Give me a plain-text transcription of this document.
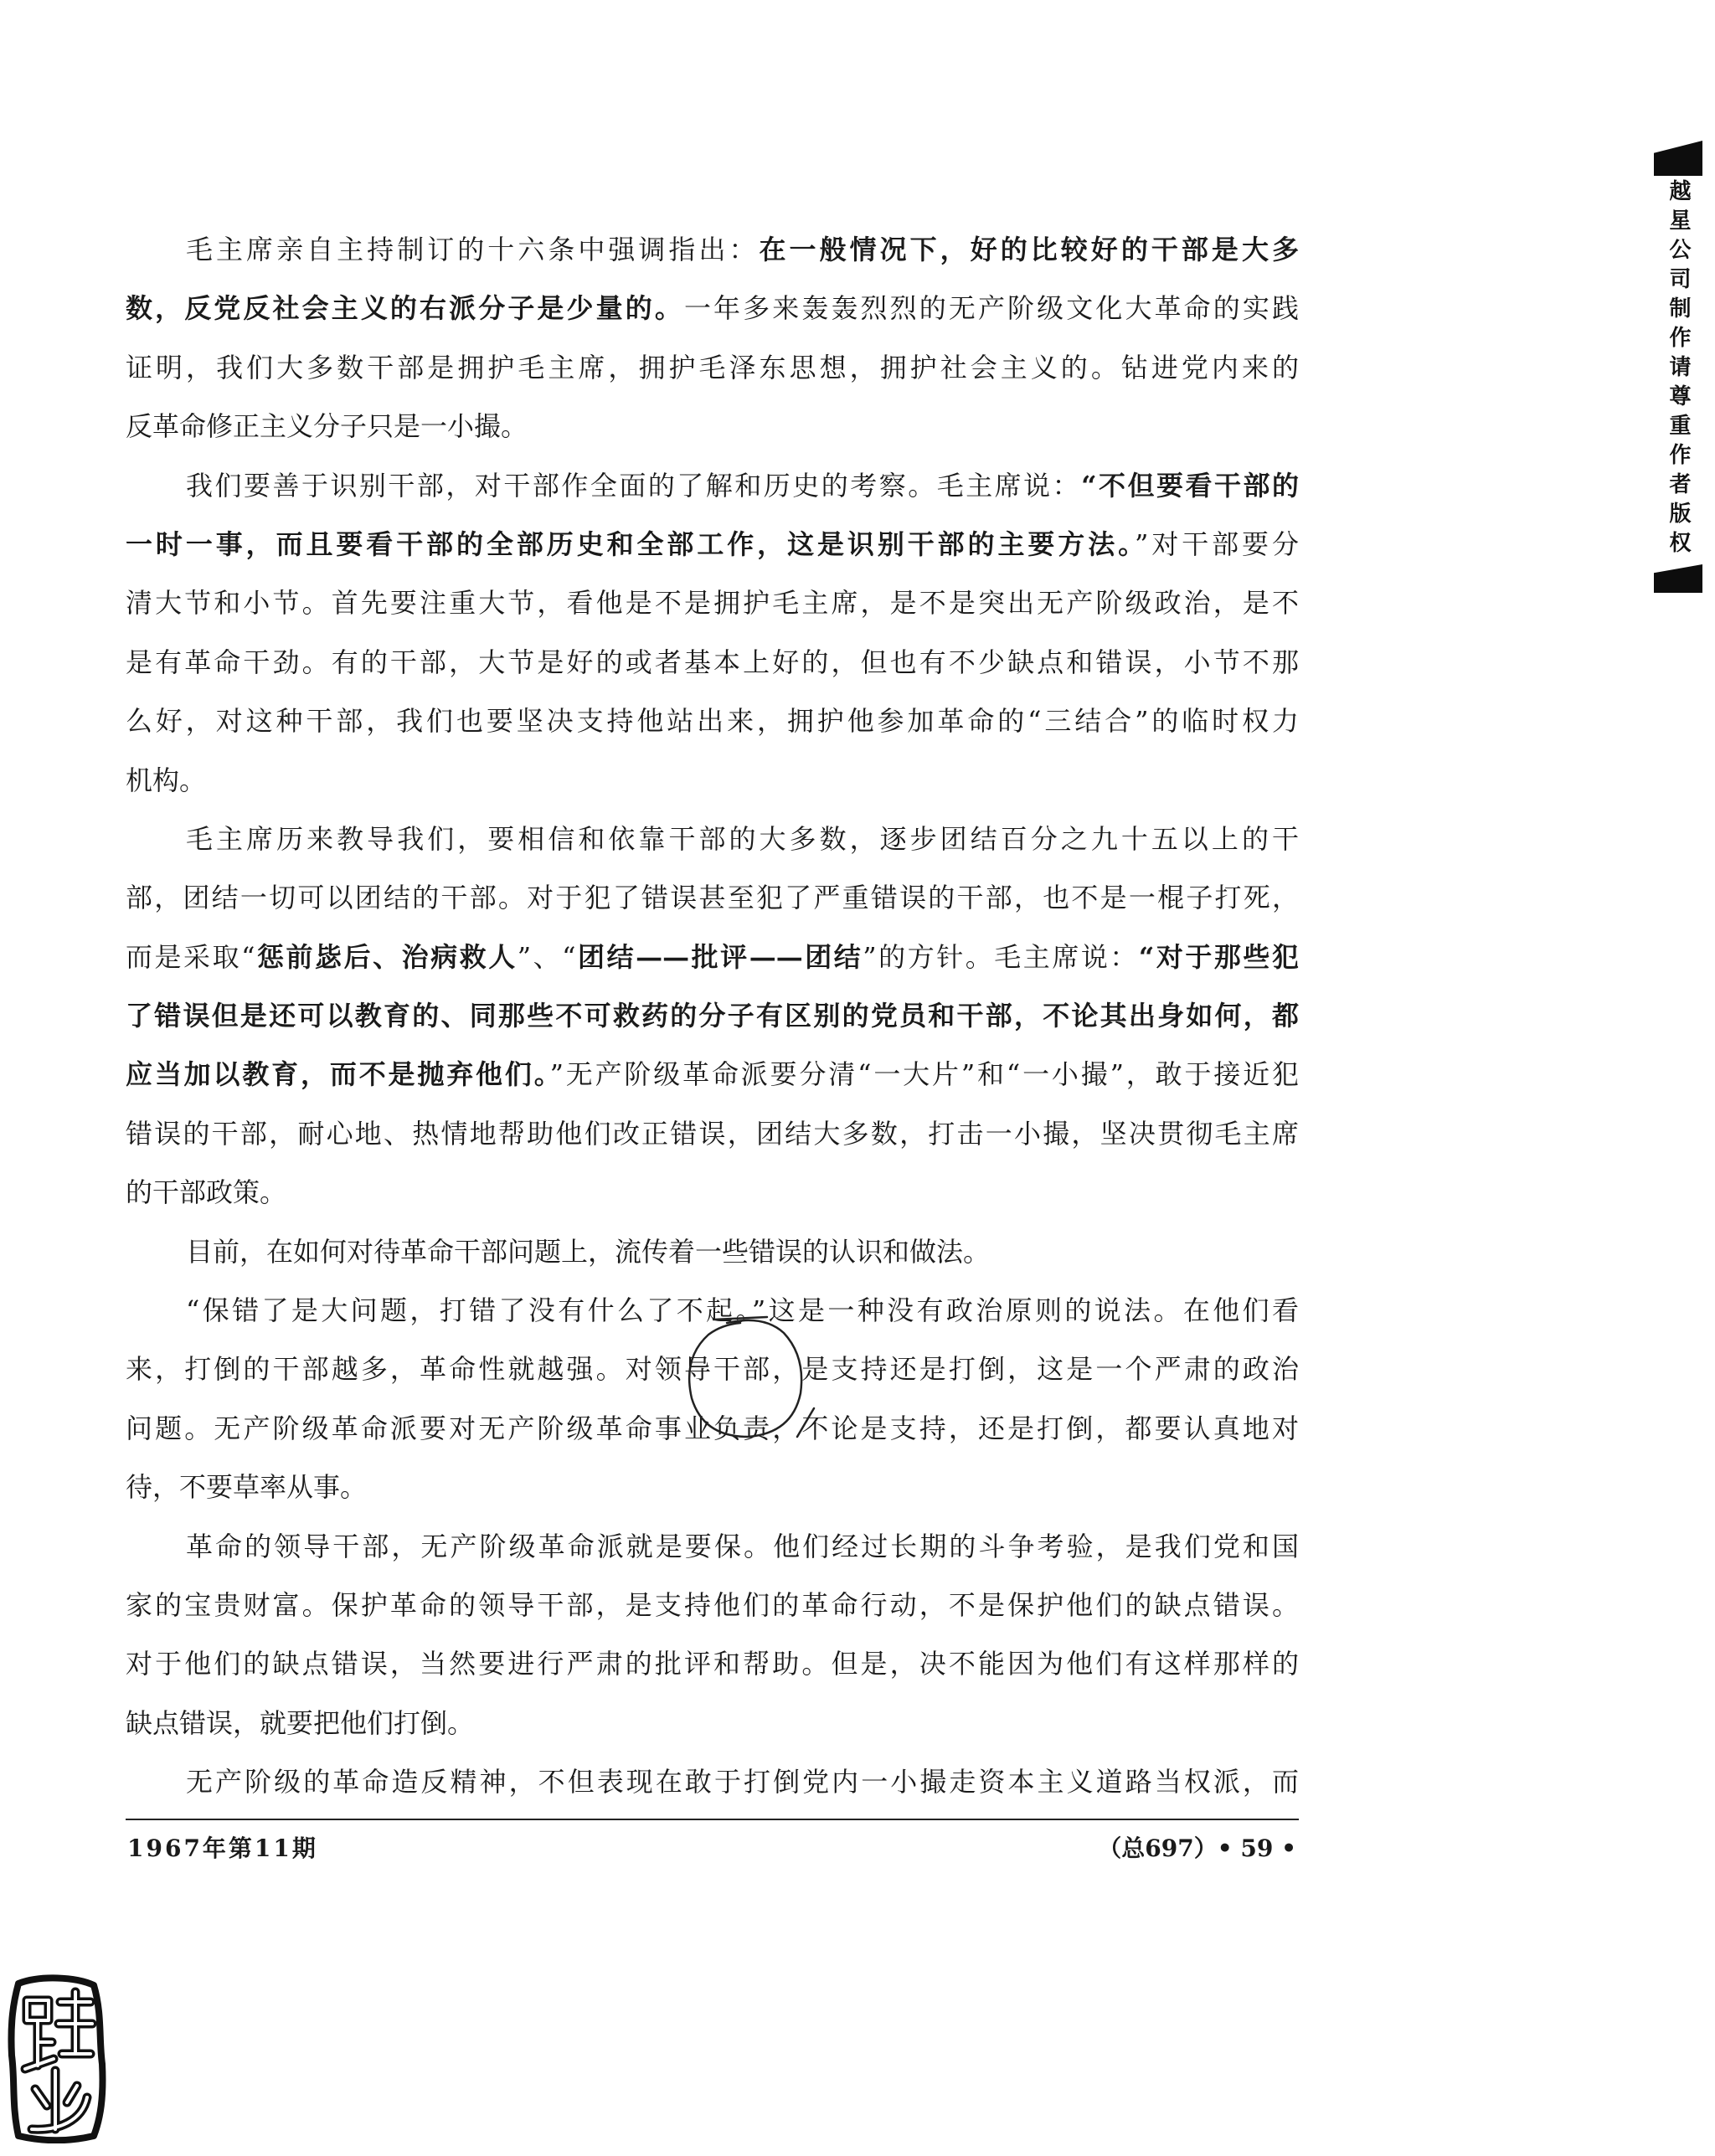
毛主席亲自主持制订的十六条中强调指出：在一般情况下，好的比较好的干部是大多
数，反党反社会主义的右派分子是少量的。一年多来轰轰烈烈的无产阶级文化大革命的实践
证明，我们大多数干部是拥护毛主席，拥护毛泽东思想，拥护社会主义的。钻进党内来的
反革命修正主义分子只是一小撮。
我们要善于识别干部，对干部作全面的了解和历史的考察。毛主席说：“不但要看干部的
一时一事，而且要看干部的全部历史和全部工作，这是识别干部的主要方法。”对干部要分
清大节和小节。首先要注重大节，看他是不是拥护毛主席，是不是突出无产阶级政治，是不
是有革命干劲。有的干部，大节是好的或者基本上好的，但也有不少缺点和错误，小节不那
么好，对这种干部，我们也要坚决支持他站出来，拥护他参加革命的“三结合”的临时权力
机构。
毛主席历来教导我们，要相信和依靠干部的大多数，逐步团结百分之九十五以上的干
部，团结一切可以团结的干部。对于犯了错误甚至犯了严重错误的干部，也不是一棍子打死，
而是采取“惩前毖后、治病救人”、“团结——批评——团结”的方针。毛主席说：“对于那些犯
了错误但是还可以教育的、同那些不可救药的分子有区别的党员和干部，不论其出身如何，都
应当加以教育，而不是抛弃他们。”无产阶级革命派要分清“一大片”和“一小撮”，敢于接近犯
错误的干部，耐心地、热情地帮助他们改正错误，团结大多数，打击一小撮，坚决贯彻毛主席
的干部政策。
目前，在如何对待革命干部问题上，流传着一些错误的认识和做法。
“保错了是大问题，打错了没有什么了不起。”这是一种没有政治原则的说法。在他们看
来，打倒的干部越多，革命性就越强。对领导干部，是支持还是打倒，这是一个严肃的政治
问题。无产阶级革命派要对无产阶级革命事业负责，不论是支持，还是打倒，都要认真地对
待，不要草率从事。
革命的领导干部，无产阶级革命派就是要保。他们经过长期的斗争考验，是我们党和国
家的宝贵财富。保护革命的领导干部，是支持他们的革命行动，不是保护他们的缺点错误。
对于他们的缺点错误，当然要进行严肃的批评和帮助。但是，决不能因为他们有这样那样的
缺点错误，就要把他们打倒。
无产阶级的革命造反精神，不但表现在敢于打倒党内一小撮走资本主义道路当权派，而
1967年第11期	（总697）• 59 •
越星公司制作请尊重作者版权
